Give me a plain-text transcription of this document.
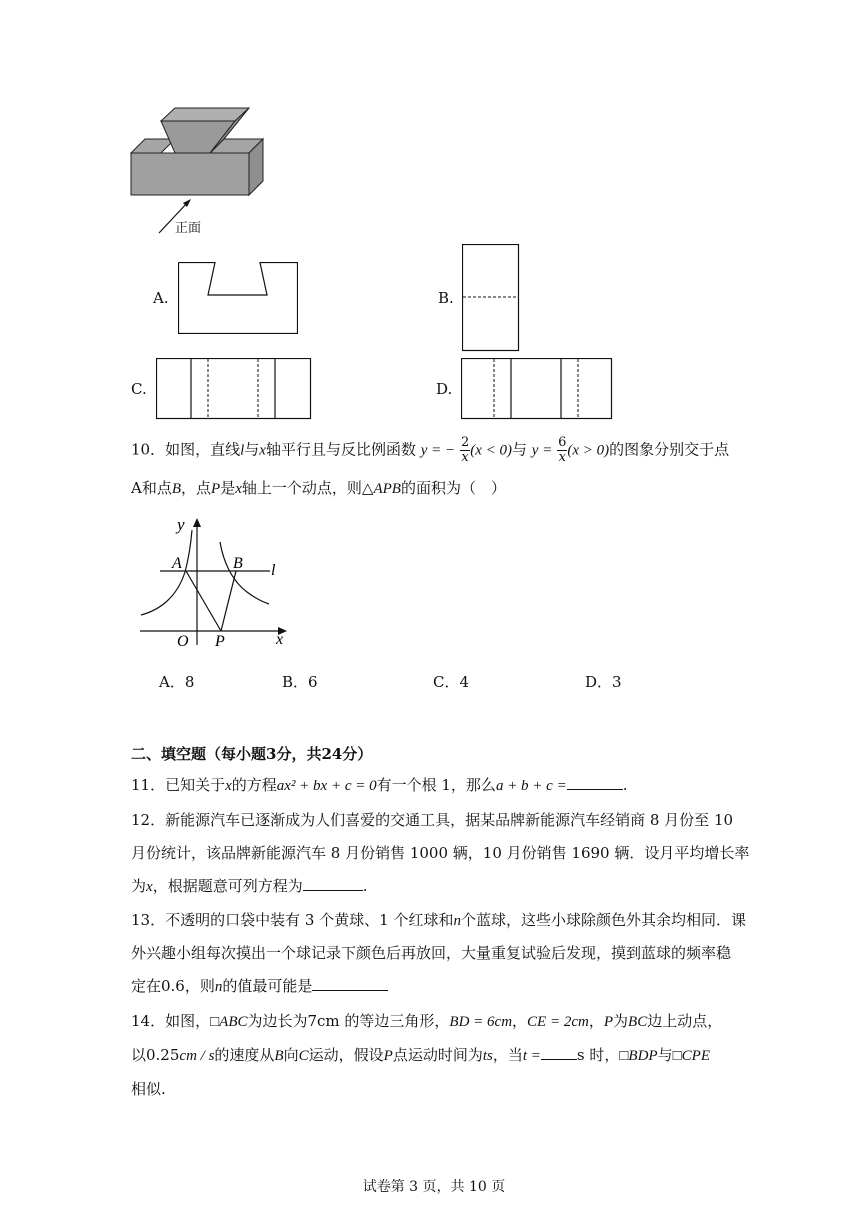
正面
A.	B.
C.	D.
10．如图，直线l与x轴平行且与反比例函数 y = − $\frac{2}{x} (x < 0)$与 $y = \frac{6}{x} (x > 0)$的图象分别交于点
A和点B，点P是x轴上一个动点，则△APB的面积为（　）
y
A	B l
O P	x
A．8	B．6	C．4	D．3
二、填空题（每小题3分，共24分）
11．已知关于x的方程ax² + bx + c = 0有一个根 1，那么a + b + c =	.
12．新能源汽车已逐渐成为人们喜爱的交通工具，据某品牌新能源汽车经销商 8 月份至 10
月份统计，该品牌新能源汽车 8 月份销售 1000 辆，10 月份销售 1690 辆．设月平均增长率
为x，根据题意可列方程为	.
13．不透明的口袋中装有 3 个黄球、1 个红球和n个蓝球，这些小球除颜色外其余均相同．课
外兴趣小组每次摸出一个球记录下颜色后再放回，大量重复试验后发现，摸到蓝球的频率稳
定在0.6，则n的值最可能是
14．如图，□ABC为边长为7cm 的等边三角形，BD = 6cm，CE = 2cm，P为BC边上动点，
以0.25cm / s的速度从B向C运动，假设P点运动时间为ts，当t = s 时，□BDP与□CPE
相似.
试卷第 3 页，共 10 页
